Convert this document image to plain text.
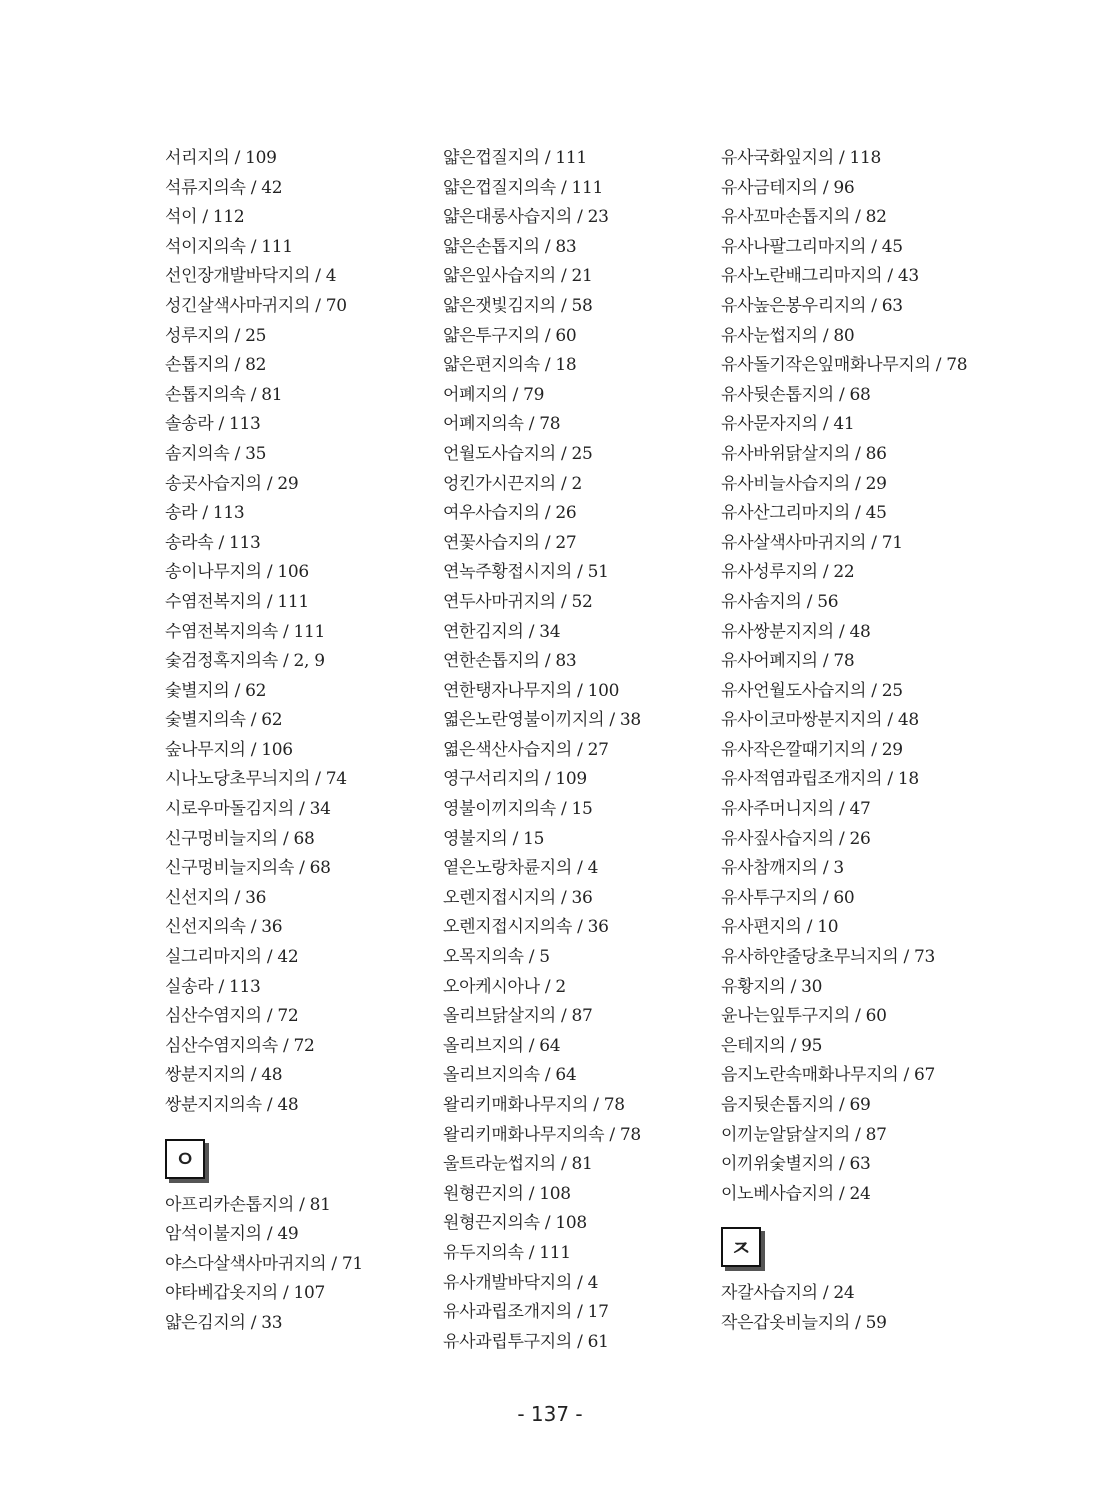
서리지의 / 109
석류지의속 / 42
석이 / 112
석이지의속 / 111
선인장개발바닥지의 / 4
성긴살색사마귀지의 / 70
성루지의 / 25
손톱지의 / 82
손톱지의속 / 81
솔송라 / 113
솜지의속 / 35
송곳사습지의 / 29
송라 / 113
송라속 / 113
송이나무지의 / 106
수염전복지의 / 111
수염전복지의속 / 111
숯검정혹지의속 / 2, 9
숯별지의 / 62
숯별지의속 / 62
숲나무지의 / 106
시나노당초무늬지의 / 74
시로우마돌김지의 / 34
신구멍비늘지의 / 68
신구멍비늘지의속 / 68
신선지의 / 36
신선지의속 / 36
실그리마지의 / 42
실송라 / 113
심산수염지의 / 72
심산수염지의속 / 72
쌍분지지의 / 48
쌍분지지의속 / 48
ㅇ
아프리카손톱지의 / 81
암석이불지의 / 49
야스다살색사마귀지의 / 71
야타베갑옷지의 / 107
얇은김지의 / 33
얇은껍질지의 / 111
얇은껍질지의속 / 111
얇은대롱사습지의 / 23
얇은손톱지의 / 83
얇은잎사습지의 / 21
얇은잿빛김지의 / 58
얇은투구지의 / 60
얇은편지의속 / 18
어폐지의 / 79
어폐지의속 / 78
언월도사습지의 / 25
엉킨가시끈지의 / 2
여우사습지의 / 26
연꽃사습지의 / 27
연녹주황접시지의 / 51
연두사마귀지의 / 52
연한김지의 / 34
연한손톱지의 / 83
연한탱자나무지의 / 100
엷은노란영불이끼지의 / 38
엷은색산사습지의 / 27
영구서리지의 / 109
영불이끼지의속 / 15
영불지의 / 15
옅은노랑차륜지의 / 4
오렌지접시지의 / 36
오렌지접시지의속 / 36
오목지의속 / 5
오아케시아나 / 2
올리브닭살지의 / 87
올리브지의 / 64
올리브지의속 / 64
왈리키매화나무지의 / 78
왈리키매화나무지의속 / 78
울트라눈썹지의 / 81
원형끈지의 / 108
원형끈지의속 / 108
유두지의속 / 111
유사개발바닥지의 / 4
유사과립조개지의 / 17
유사과립투구지의 / 61
유사국화잎지의 / 118
유사금테지의 / 96
유사꼬마손톱지의 / 82
유사나팔그리마지의 / 45
유사노란배그리마지의 / 43
유사높은봉우리지의 / 63
유사눈썹지의 / 80
유사돌기작은잎매화나무지의 / 78
유사뒷손톱지의 / 68
유사문자지의 / 41
유사바위닭살지의 / 86
유사비늘사습지의 / 29
유사산그리마지의 / 45
유사살색사마귀지의 / 71
유사성루지의 / 22
유사솜지의 / 56
유사쌍분지지의 / 48
유사어폐지의 / 78
유사언월도사습지의 / 25
유사이코마쌍분지지의 / 48
유사작은깔때기지의 / 29
유사적염과립조개지의 / 18
유사주머니지의 / 47
유사짚사습지의 / 26
유사참깨지의 / 3
유사투구지의 / 60
유사편지의 / 10
유사하얀줄당초무늬지의 / 73
유황지의 / 30
윤나는잎투구지의 / 60
은테지의 / 95
음지노란속매화나무지의 / 67
음지뒷손톱지의 / 69
이끼눈알닭살지의 / 87
이끼위숯별지의 / 63
이노베사습지의 / 24
ㅈ
자갈사습지의 / 24
작은갑옷비늘지의 / 59
- 137 -
